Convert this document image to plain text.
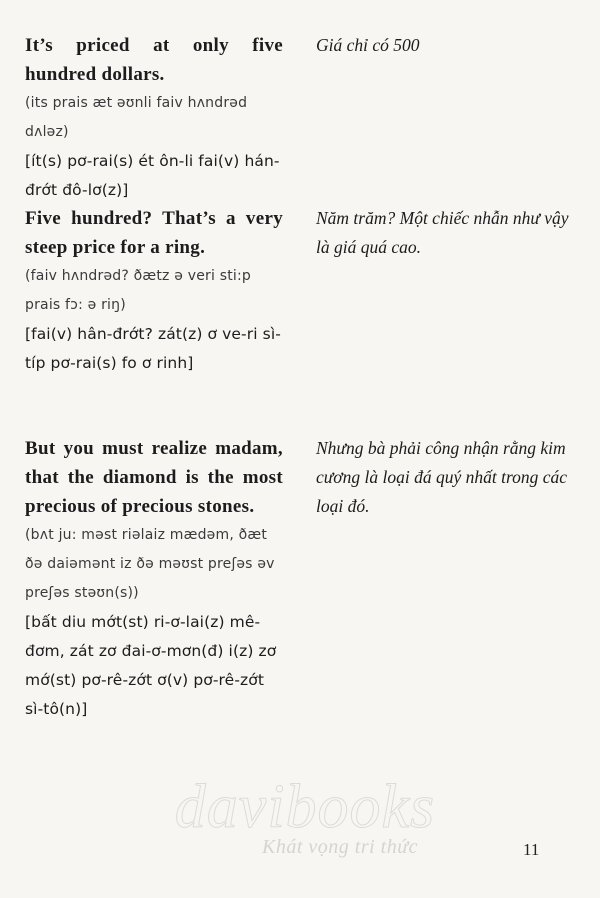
It’s priced at only five hundred dollars.

(its prais æt əʊnli faiv hʌndrəd dʌləz)

[ít(s) pơ-rai(s) ét ôn-li fai(v) hán-đrớt đô-lơ(z)]

Giá chỉ có 500

Five hundred? That’s a very steep price for a ring.

(faiv hʌndrəd? ðætz ə veri sti:p prais fɔ: ə riŋ)

[fai(v) hân-đrớt? zát(z) ơ ve-ri sì-típ pơ-rai(s) fo ơ rinh]

Năm trăm? Một chiếc nhẫn như vậy là giá quá cao.

But you must realize madam, that the diamond is the most precious of precious stones.

(bʌt ju: məst riəlaiz mædəm, ðæt ðə daiəmənt iz ðə məʊst preʃəs əv preʃəs stəʊn(s))

[bất diu mớt(st) ri-ơ-lai(z) mê-đơm, zát zơ đai-ơ-mơn(đ) i(z) zơ mớ(st) pơ-rê-zớt ơ(v) pơ-rê-zớt sì-tô(n)]

Nhưng bà phải công nhận rằng kim cương là loại đá quý nhất trong các loại đó.

davibooks
Khát vọng tri thức	11
